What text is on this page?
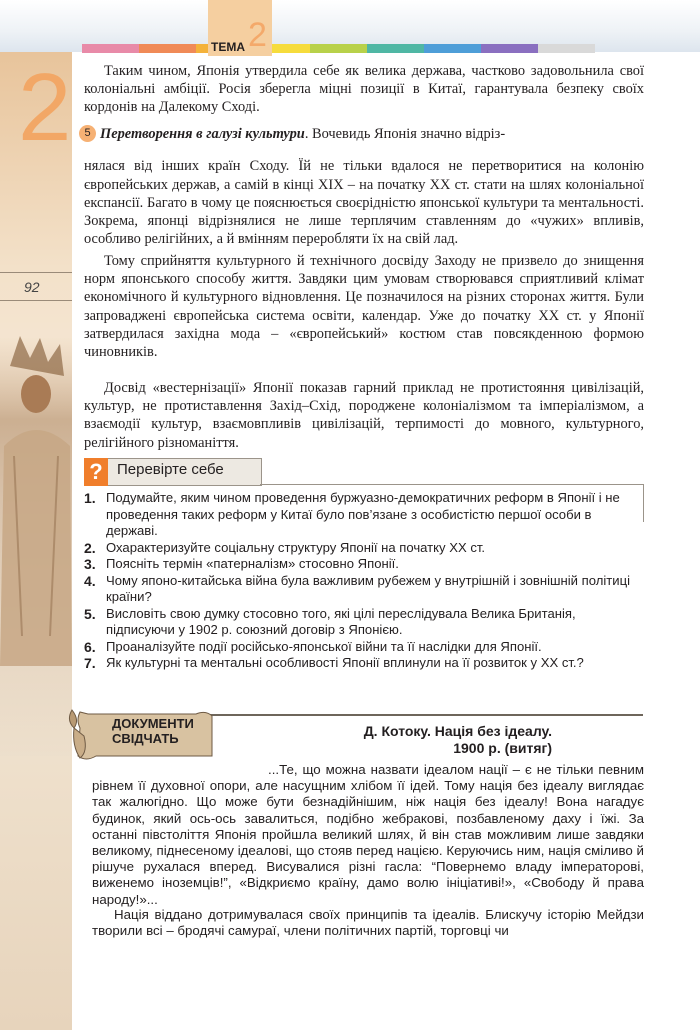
ТЕМА 2
2
92

Таким чином, Японія утвердила себе як велика держава, частково задовольнила свої колоніальні амбіції. Росія зберегла міцні позиції в Китаї, гарантувала безпеку своїх кордонів на Далекому Сході.

5 Перетворення в галузі культури. Вочевидь Японія значно відріз-

нялася від інших країн Сходу. Їй не тільки вдалося не перетворитися на колонію європейських держав, а самій в кінці XIX – на початку XX ст. стати на шлях колоніальної експансії. Багато в чому це пояснюється своєрідністю японської культури та ментальності. Зокрема, японці відрізнялися не лише терплячим ставленням до «чужих» впливів, особливо релігійних, а й вмінням переробляти їх на свій лад.

Тому сприйняття культурного й технічного досвіду Заходу не призвело до знищення норм японського способу життя. Завдяки цим умовам створювався сприятливий клімат економічного й культурного відновлення. Це позначилося на різних сторонах життя. Були запроваджені європейська система освіти, календар. Уже до початку XX ст. у Японії затвердилася західна мода – «європейський» костюм став повсякденною формою чиновників.

Досвід «вестернізації» Японії показав гарний приклад не протистояння цивілізацій, культур, не протиставлення Захід–Схід, породжене колоніалізмом та імперіалізмом, а взаємодії культур, взаємовпливів цивілізацій, терпимості до мовного, культурного, релігійного різноманіття.

? Перевірте себе
1. Подумайте, яким чином проведення буржуазно-демократичних реформ в Японії і не проведення таких реформ у Китаї було пов’язане з особистістю першої особи в державі.
2. Охарактеризуйте соціальну структуру Японії на початку XX ст.
3. Поясніть термін «патерналізм» стосовно Японії.
4. Чому японо-китайська війна була важливим рубежем у внутрішній і зовнішній політиці країни?
5. Висловіть свою думку стосовно того, які цілі переслідувала Велика Британія, підписуючи у 1902 р. союзний договір з Японією.
6. Проаналізуйте події російсько-японської війни та її наслідки для Японії.
7. Як культурні та ментальні особливості Японії вплинули на її розвиток у XX ст.?
ДОКУМЕНТИ
СВІДЧАТЬ	Д. Котоку. Нація без ідеалу.
1900 р. (витяг)

...Те, що можна назвати ідеалом нації – є не тільки певним рівнем її духовної опори, але насущним хлібом її ідей. Тому нація без ідеалу виглядає так жалюгідно. Що може бути безнадійнішим, ніж нація без ідеалу! Вона нагадує будинок, який ось-ось завалиться, подібно жебракові, позбавленому даху і їжі. За останні півстоліття Японія пройшла великий шлях, й він став можливим лише завдяки великому, піднесеному ідеалові, що стояв перед нацією. Керуючись ним, нація сміливо й рішуче рухалася вперед. Висувалися різні гасла: “Повернемо владу імператорові, виженемо іноземців!”, «Відкриємо країну, дамо волю ініціативі!», «Свободу й права народу!»...

Нація віддано дотримувалася своїх принципів та ідеалів. Блискучу історію Мейдзи творили всі – бродячі самураї, члени політичних партій, торговці чи
